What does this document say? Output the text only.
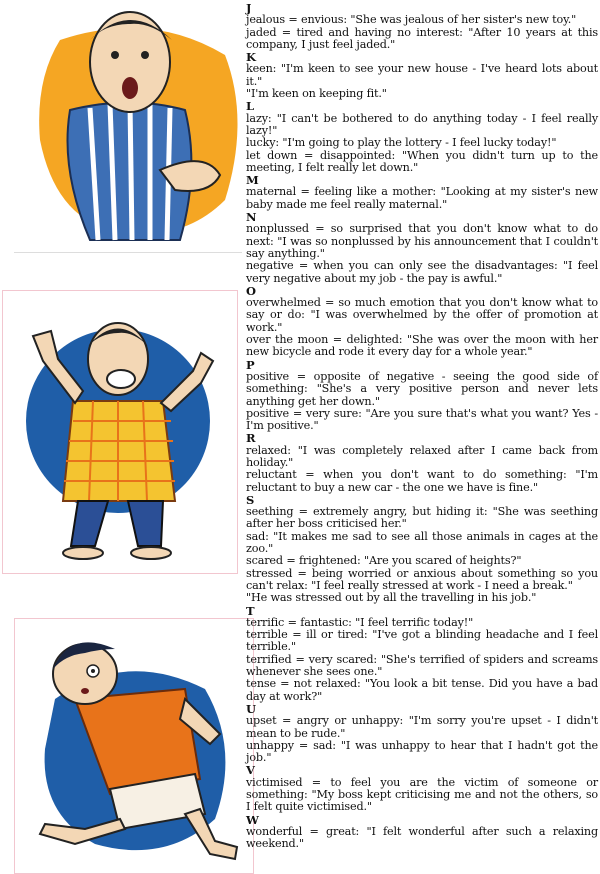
J

jealous = envious: "She was jealous of her sister's new toy."

jaded = tired and having no interest: "After 10 years at this company, I just feel jaded."

K

keen: "I'm keen to see your new house - I've heard lots about it."

"I'm keen on keeping fit."

L

lazy: "I can't be bothered to do anything today - I feel really lazy!"

lucky: "I'm going to play the lottery - I feel lucky today!"

let down = disappointed: "When you didn't turn up to the meeting, I felt really let down."

M

maternal = feeling like a mother: "Looking at my sister's new baby made me feel really maternal."

N

nonplussed = so surprised that you don't know what to do next: "I was so nonplussed by his announcement that I couldn't say anything."

negative = when you can only see the disadvantages: "I feel very negative about my job - the pay is awful."

O

overwhelmed = so much emotion that you don't know what to say or do: "I was overwhelmed by the offer of promotion at work."

over the moon = delighted: "She was over the moon with her new bicycle and rode it every day for a whole year."

P

positive = opposite of negative - seeing the good side of something: "She's a very positive person and never lets anything get her down."

positive = very sure: "Are you sure that's what you want? Yes - I'm positive."

R

relaxed: "I was completely relaxed after I came back from holiday."

reluctant = when you don't want to do something: "I'm reluctant to buy a new car - the one we have is fine."

S

seething = extremely angry, but hiding it: "She was seething after her boss criticised her."

sad: "It makes me sad to see all those animals in cages at the zoo."

scared = frightened: "Are you scared of heights?"

stressed = being worried or anxious about something so you can't relax: "I feel really stressed at work - I need a break."

"He was stressed out by all the travelling in his job."

T

terrific = fantastic: "I feel terrific today!"

terrible = ill or tired: "I've got a blinding headache and I feel terrible."

terrified = very scared: "She's terrified of spiders and screams whenever she sees one."

tense = not relaxed: "You look a bit tense. Did you have a bad day at work?"

U

upset = angry or unhappy: "I'm sorry you're upset - I didn't mean to be rude."

unhappy = sad: "I was unhappy to hear that I hadn't got the job."

V

victimised = to feel you are the victim of someone or something: "My boss kept criticising me and not the others, so I felt quite victimised."

W

wonderful = great: "I felt wonderful after such a relaxing weekend."
